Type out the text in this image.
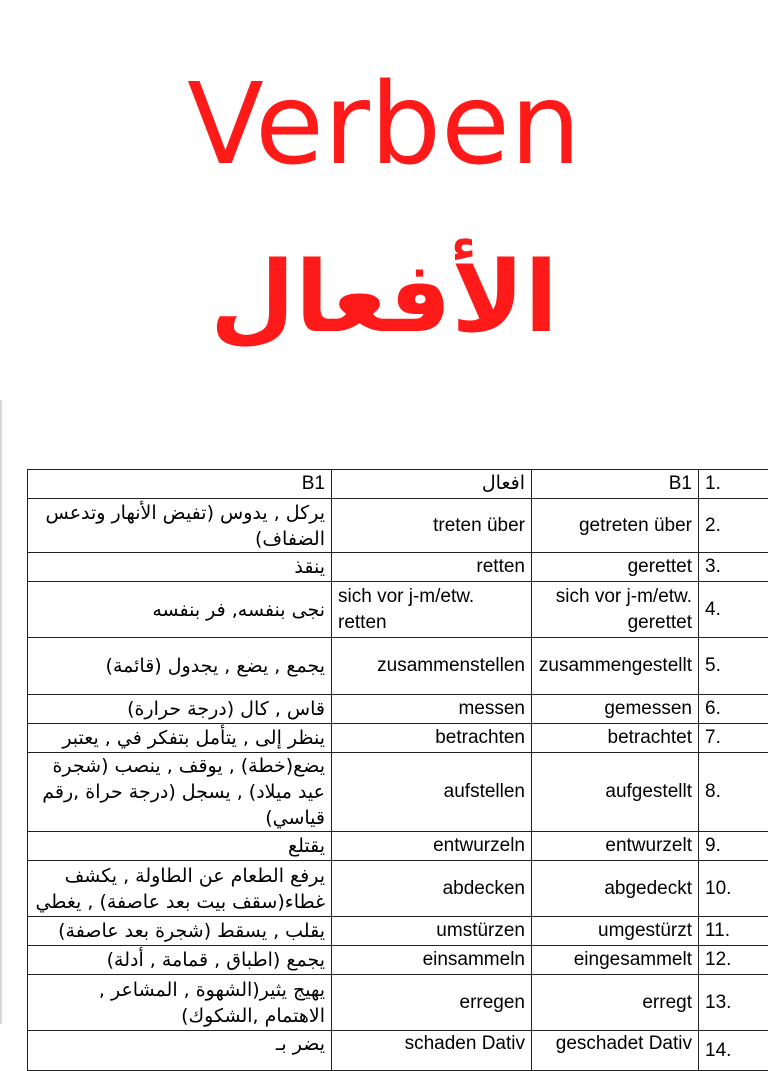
Verben
الأفعال
B1	افعال	B1	1.
يركل , يدوس (تفيض الأنهار وتدعس الضفاف)	treten über	getreten über	2.
ينقذ	retten	gerettet	3.
نجى بنفسه, فر بنفسه	sich vor j-m/etw. retten	sich vor j-m/etw. gerettet	4.
يجمع , يضع , يجدول (قائمة)	zusammenstellen	zusammengestellt	5.
قاس , كال (درجة حرارة)	messen	gemessen	6.
ينظر إلى , يتأمل بتفكر في , يعتبر	betrachten	betrachtet	7.
يضع(خطة) , يوقف , ينصب (شجرة عيد ميلاد) , يسجل (درجة حراة ,رقم قياسي)	aufstellen	aufgestellt	8.
يقتلع	entwurzeln	entwurzelt	9.
يرفع الطعام عن الطاولة , يكشف غطاء(سقف بيت بعد عاصفة) , يغطي	abdecken	abgedeckt	10.
يقلب , يسقط (شجرة بعد عاصفة)	umstürzen	umgestürzt	11.
يجمع (اطباق , قمامة , أدلة)	einsammeln	eingesammelt	12.
يهيج يثير(الشهوة , المشاعر , الاهتمام ,الشكوك)	erregen	erregt	13.
يضر بـ	schaden Dativ	geschadet Dativ	14.
